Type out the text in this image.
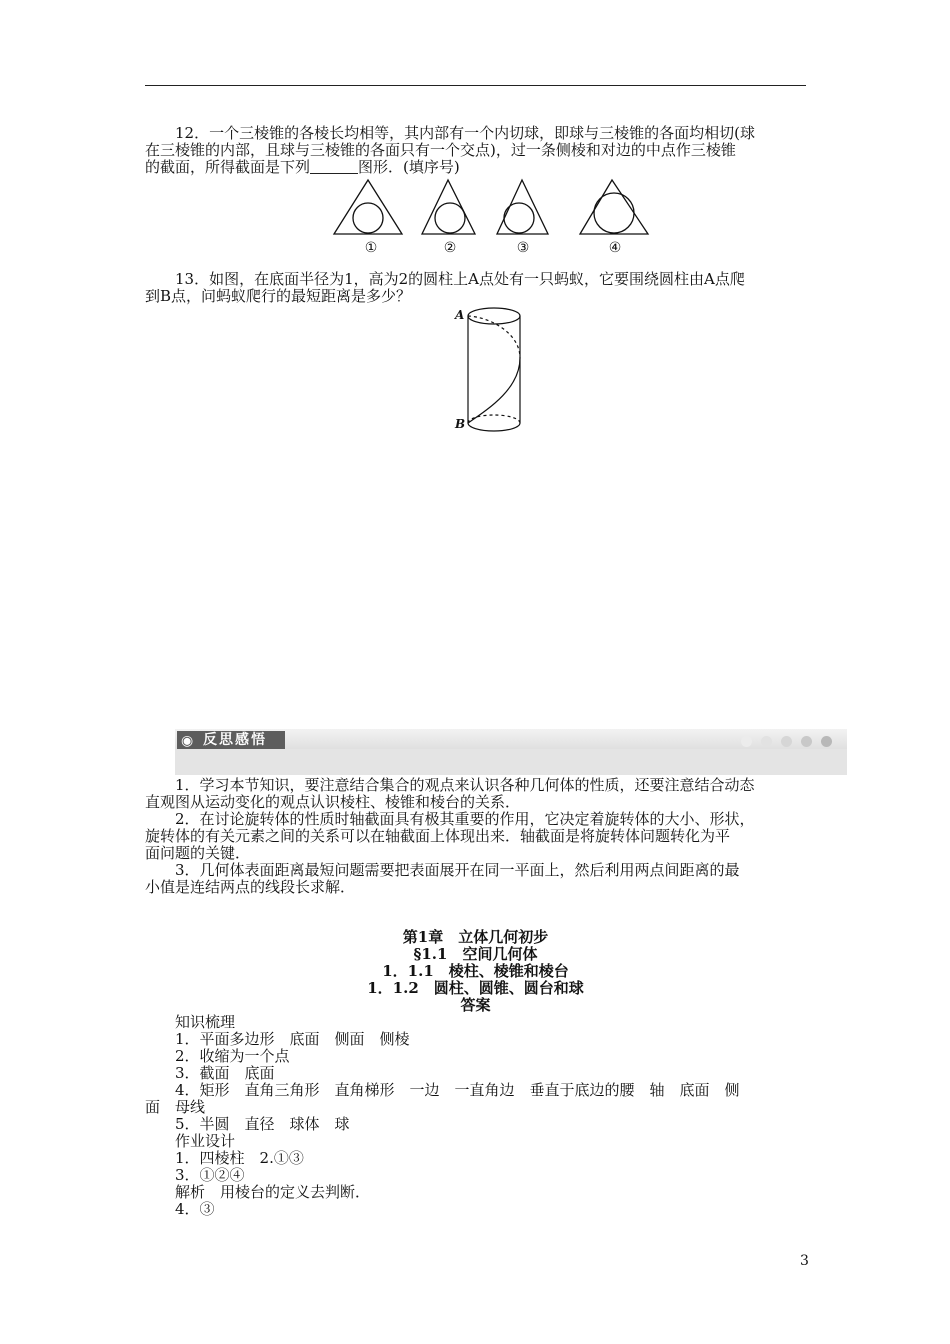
12．一个三棱锥的各棱长均相等，其内部有一个内切球，即球与三棱锥的各面均相切(球
在三棱锥的内部，且球与三棱锥的各面只有一个交点)，过一条侧棱和对边的中点作三棱锥
的截面，所得截面是下列	图形．(填序号)
①	②	③	④
13．如图，在底面半径为1，高为2的圆柱上A点处有一只蚂蚁，它要围绕圆柱由A点爬
到B点，问蚂蚁爬行的最短距离是多少？
A
B
◉ 反思感悟
1．学习本节知识，要注意结合集合的观点来认识各种几何体的性质，还要注意结合动态
直观图从运动变化的观点认识棱柱、棱锥和棱台的关系．
2．在讨论旋转体的性质时轴截面具有极其重要的作用，它决定着旋转体的大小、形状，
旋转体的有关元素之间的关系可以在轴截面上体现出来．轴截面是将旋转体问题转化为平
面问题的关键．
3．几何体表面距离最短问题需要把表面展开在同一平面上，然后利用两点间距离的最
小值是连结两点的线段长求解．
第1章　立体几何初步
§1.1　空间几何体
1．1.1　棱柱、棱锥和棱台
1．1.2　圆柱、圆锥、圆台和球
答案
知识梳理
1．平面多边形　底面　侧面　侧棱
2．收缩为一个点
3．截面　底面
4．矩形　直角三角形　直角梯形　一边　一直角边　垂直于底边的腰　轴　底面　侧
面　母线
5．半圆　直径　球体　球
作业设计
1．四棱柱　2.①③
3．①②④
解析　用棱台的定义去判断．
4．③
3
